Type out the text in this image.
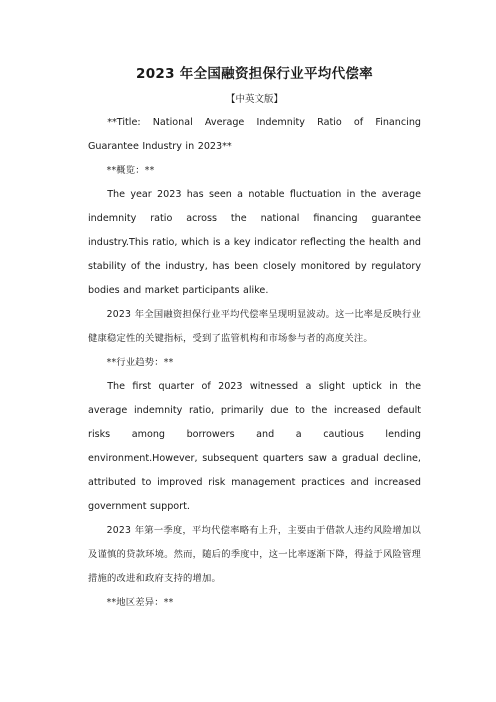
2023 年全国融资担保行业平均代偿率
【中英文版】

**Title: National Average Indemnity Ratio of Financing Guarantee Industry in 2023**

**概览：**

The year 2023 has seen a notable fluctuation in the average indemnity ratio across the national financing guarantee industry.This ratio, which is a key indicator reflecting the health and stability of the industry, has been closely monitored by regulatory bodies and market participants alike.

2023 年全国融资担保行业平均代偿率呈现明显波动。这一比率是反映行业健康稳定性的关键指标，受到了监管机构和市场参与者的高度关注。

**行业趋势：**

The first quarter of 2023 witnessed a slight uptick in the average indemnity ratio, primarily due to the increased default risks among borrowers and a cautious lending environment.However, subsequent quarters saw a gradual decline, attributed to improved risk management practices and increased government support.

2023 年第一季度，平均代偿率略有上升，主要由于借款人违约风险增加以及谨慎的贷款环境。然而，随后的季度中，这一比率逐渐下降，得益于风险管理措施的改进和政府支持的增加。

**地区差异：**
